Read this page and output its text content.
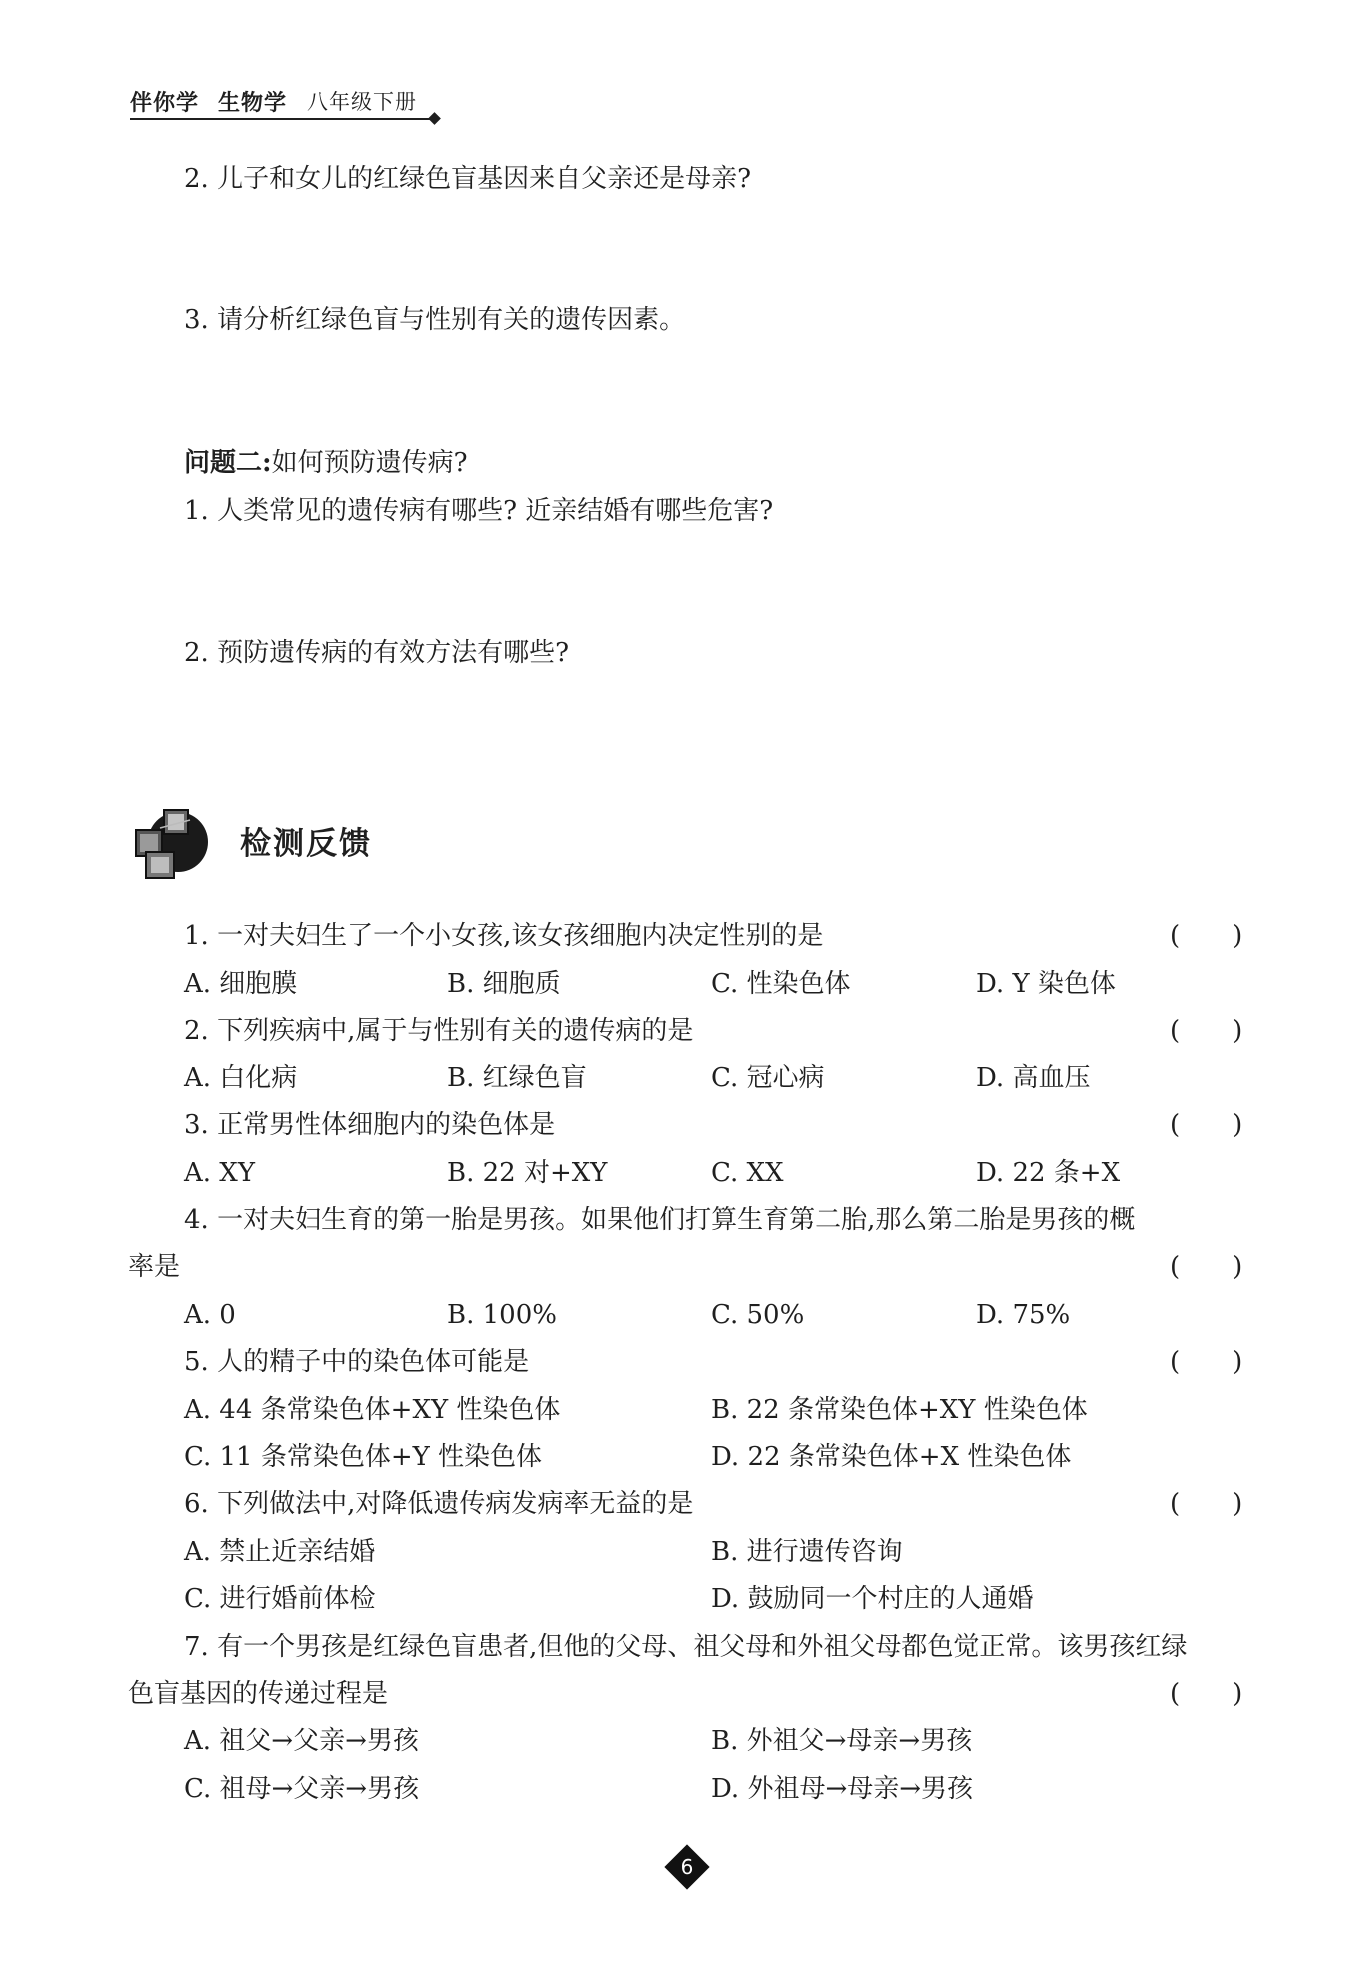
伴你学 生物学 八年级下册
2. 儿子和女儿的红绿色盲基因来自父亲还是母亲?
3. 请分析红绿色盲与性别有关的遗传因素。
问题二:如何预防遗传病?
1. 人类常见的遗传病有哪些? 近亲结婚有哪些危害?
2. 预防遗传病的有效方法有哪些?
检测反馈
1. 一对夫妇生了一个小女孩,该女孩细胞内决定性别的是	(　　)
A. 细胞膜	B. 细胞质	C. 性染色体	D. Y 染色体
2. 下列疾病中,属于与性别有关的遗传病的是	(　　)
A. 白化病	B. 红绿色盲	C. 冠心病	D. 高血压
3. 正常男性体细胞内的染色体是	(　　)
A. XY	B. 22 对+XY	C. XX	D. 22 条+X
4. 一对夫妇生育的第一胎是男孩。如果他们打算生育第二胎,那么第二胎是男孩的概
率是	(　　)
A. 0	B. 100%	C. 50%	D. 75%
5. 人的精子中的染色体可能是	(　　)
A. 44 条常染色体+XY 性染色体	B. 22 条常染色体+XY 性染色体
C. 11 条常染色体+Y 性染色体	D. 22 条常染色体+X 性染色体
6. 下列做法中,对降低遗传病发病率无益的是	(　　)
A. 禁止近亲结婚	B. 进行遗传咨询
C. 进行婚前体检	D. 鼓励同一个村庄的人通婚
7. 有一个男孩是红绿色盲患者,但他的父母、祖父母和外祖父母都色觉正常。该男孩红绿
色盲基因的传递过程是	(　　)
A. 祖父→父亲→男孩	B. 外祖父→母亲→男孩
C. 祖母→父亲→男孩	D. 外祖母→母亲→男孩
6
